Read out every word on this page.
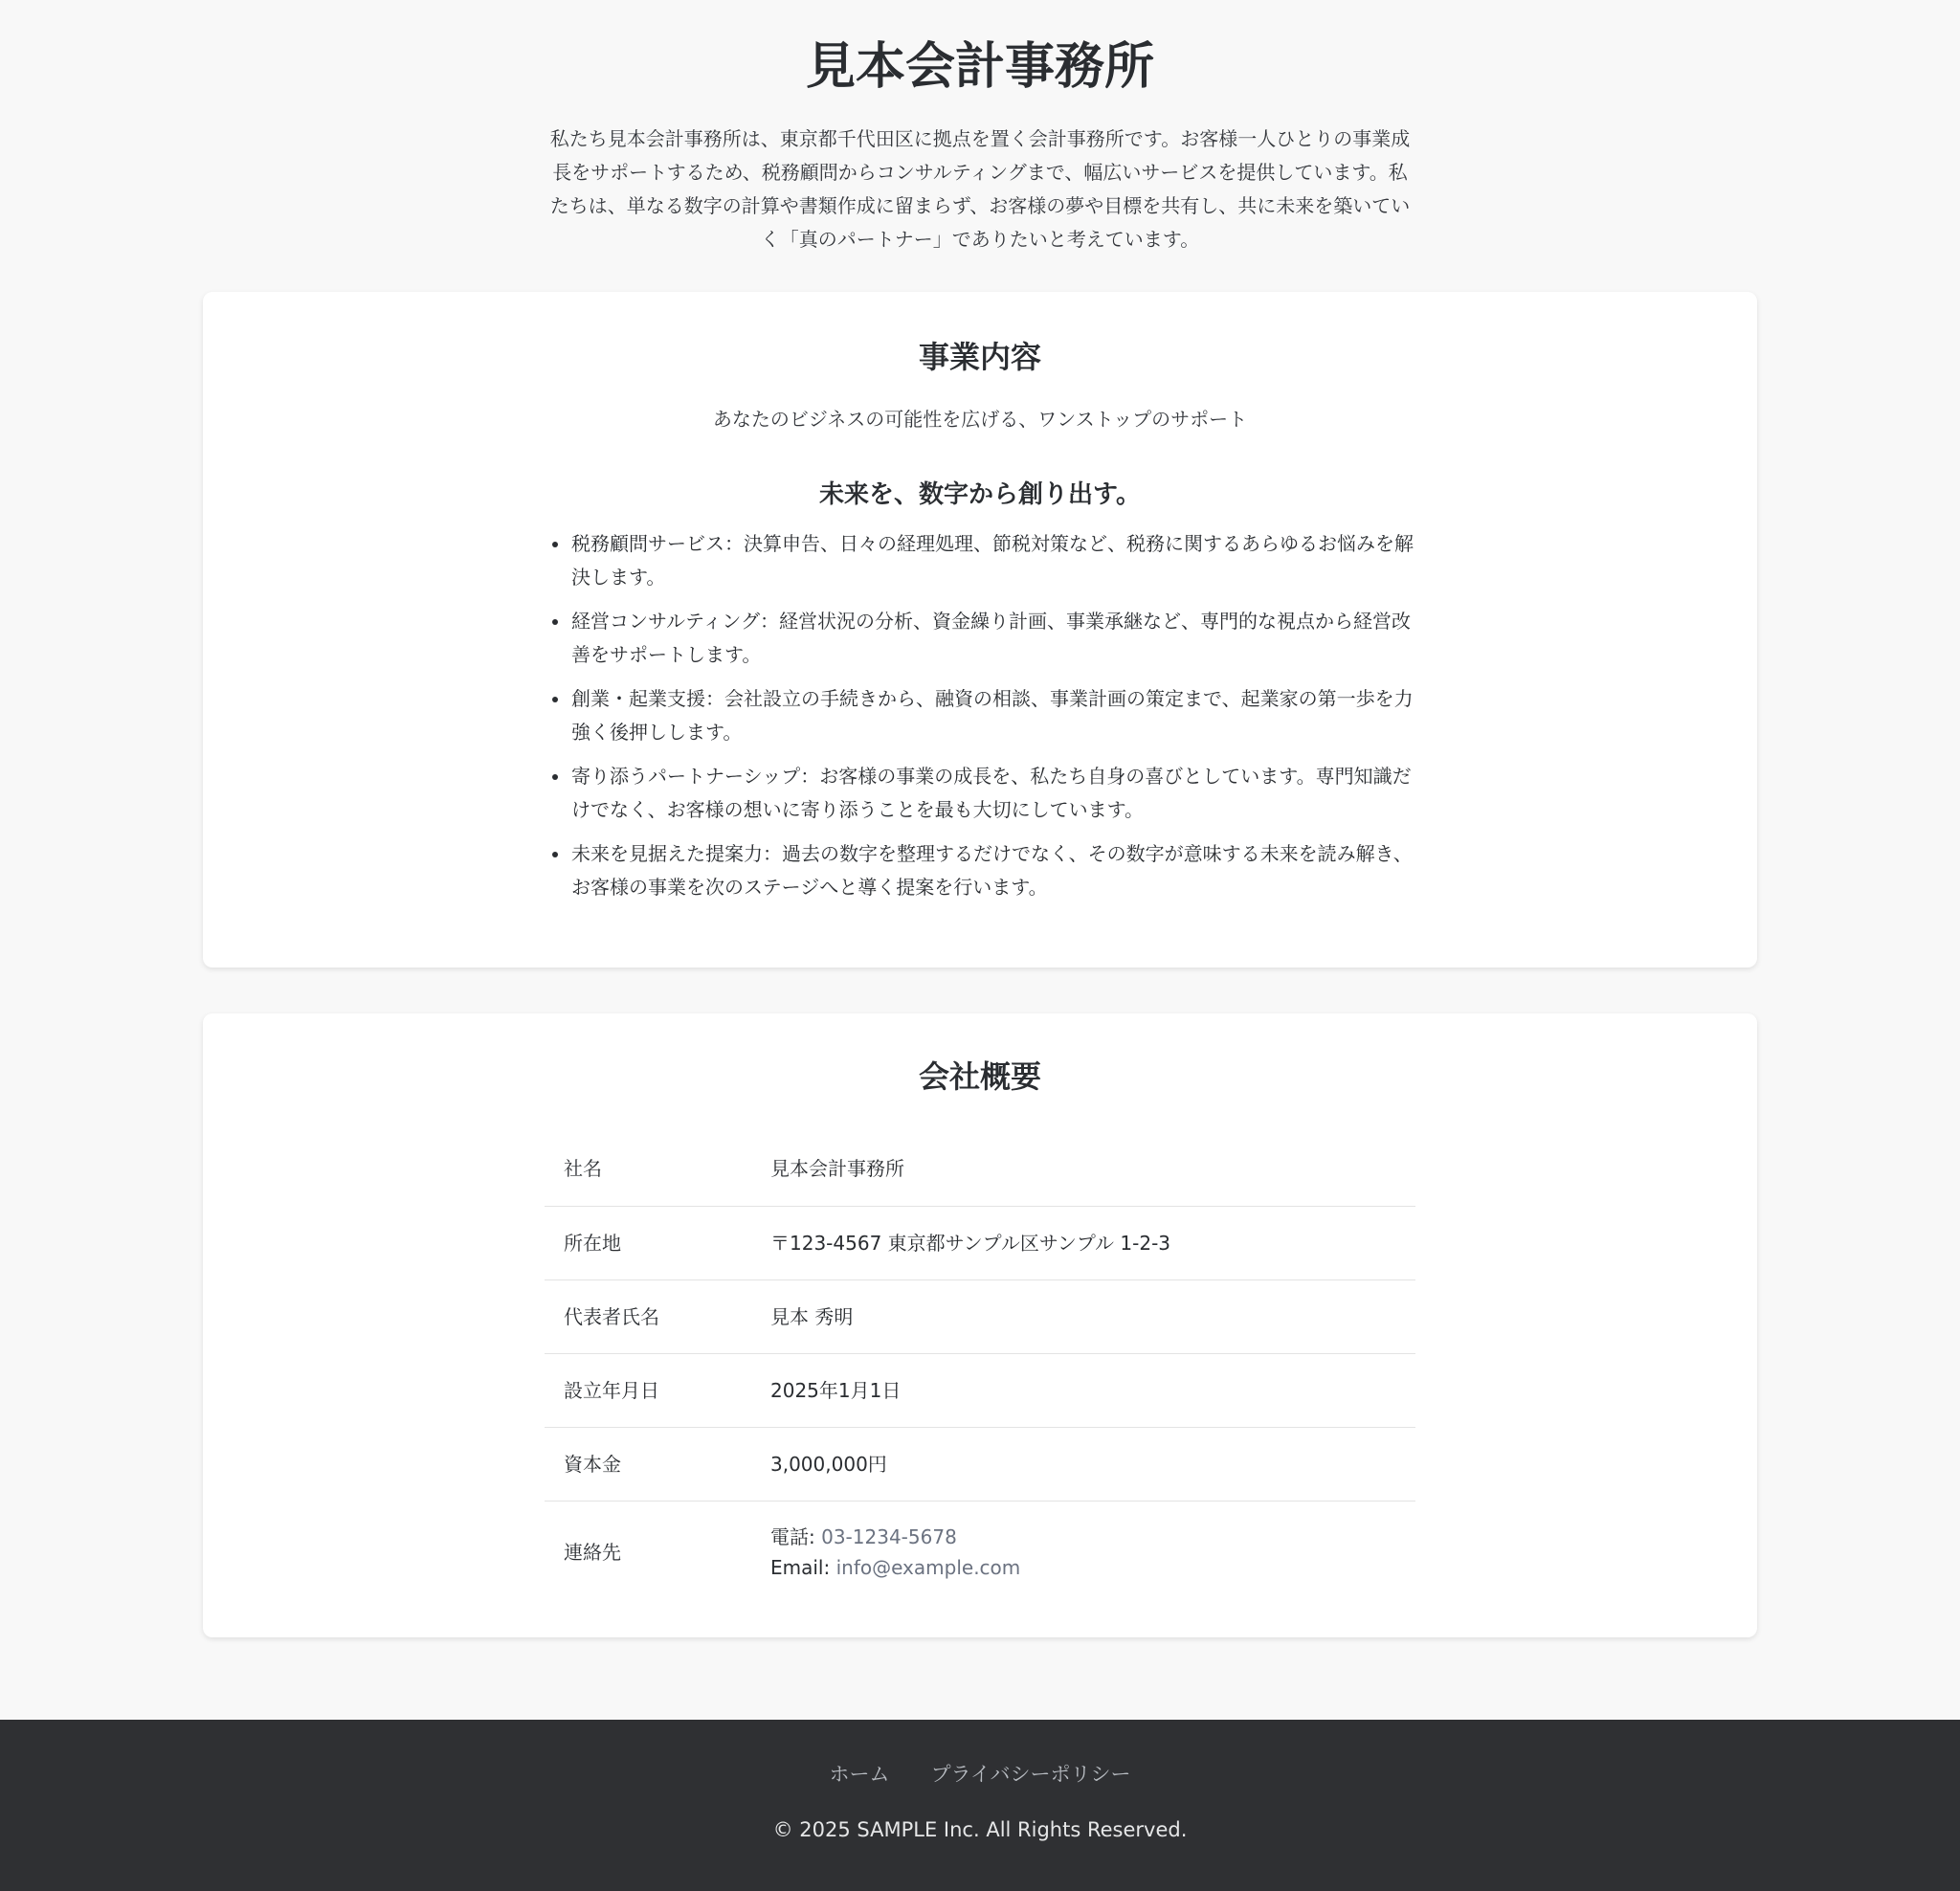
見本会計事務所

私たち見本会計事務所は、東京都千代田区に拠点を置く会計事務所です。お客様一人ひとりの事業成長をサポートするため、税務顧問からコンサルティングまで、幅広いサービスを提供しています。私たちは、単なる数字の計算や書類作成に留まらず、お客様の夢や目標を共有し、共に未来を築いていく「真のパートナー」でありたいと考えています。

事業内容

あなたのビジネスの可能性を広げる、ワンストップのサポート

未来を、数字から創り出す。
税務顧問サービス：決算申告、日々の経理処理、節税対策など、税務に関するあらゆるお悩みを解決します。
経営コンサルティング：経営状況の分析、資金繰り計画、事業承継など、専門的な視点から経営改善をサポートします。
創業・起業支援：会社設立の手続きから、融資の相談、事業計画の策定まで、起業家の第一歩を力強く後押しします。
寄り添うパートナーシップ：お客様の事業の成長を、私たち自身の喜びとしています。専門知識だけでなく、お客様の想いに寄り添うことを最も大切にしています。
未来を見据えた提案力：過去の数字を整理するだけでなく、その数字が意味する未来を読み解き、お客様の事業を次のステージへと導く提案を行います。
会社概要
社名	見本会計事務所
所在地	〒123-4567 東京都サンプル区サンプル 1-2-3
代表者氏名	見本 秀明
設立年月日	2025年1月1日
資本金	3,000,000円
連絡先	電話: 03-1234-5678
Email: info@example.com
ホーム プライバシーポリシー
© 2025 SAMPLE Inc. All Rights Reserved.
